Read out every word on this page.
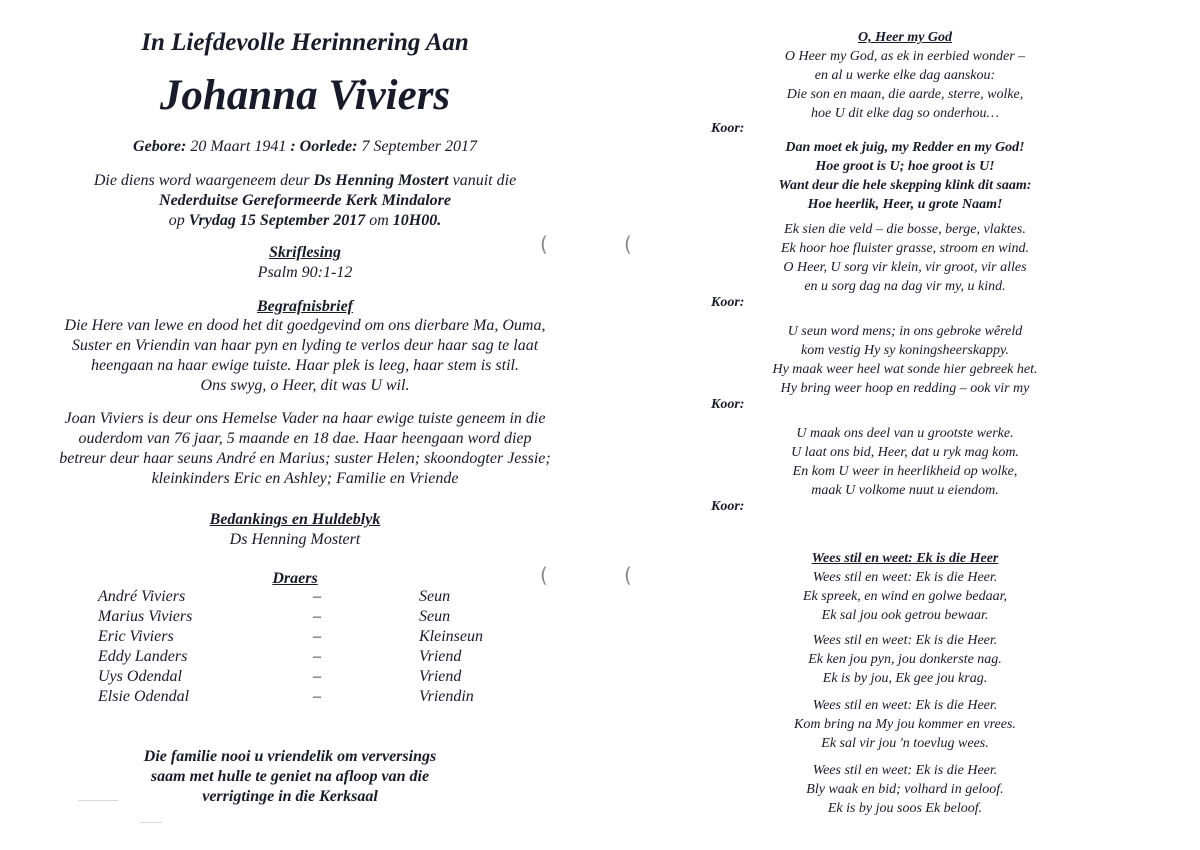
In Liefdevolle Herinnering Aan
Johanna Viviers
Gebore: 20 Maart 1941 : Oorlede: 7 September 2017
Die diens word waargeneem deur Ds Henning Mostert vanuit die
Nederduitse Gereformeerde Kerk Mindalore
op Vrydag 15 September 2017 om 10H00.
Skriflesing
Psalm 90:1-12
Begrafnisbrief
Die Here van lewe en dood het dit goedgevind om ons dierbare Ma, Ouma,
Suster en Vriendin van haar pyn en lyding te verlos deur haar sag te laat
heengaan na haar ewige tuiste. Haar plek is leeg, haar stem is stil.
Ons swyg, o Heer, dit was U wil.
Joan Viviers is deur ons Hemelse Vader na haar ewige tuiste geneem in die
ouderdom van 76 jaar, 5 maande en 18 dae. Haar heengaan word diep
betreur deur haar seuns André en Marius; suster Helen; skoondogter Jessie;
kleinkinders Eric en Ashley; Familie en Vriende
Bedankings en Huldeblyk
Ds Henning Mostert
Draers
André Viviers	–	Seun
Marius Viviers	–	Seun
Eric Viviers	–	Kleinseun
Eddy Landers	–	Vriend
Uys Odendal	–	Vriend
Elsie Odendal	–	Vriendin
Die familie nooi u vriendelik om verversings
saam met hulle te geniet na afloop van die
verrigtinge in die Kerksaal
(	(
(	(
O, Heer my God
O Heer my God, as ek in eerbied wonder –
en al u werke elke dag aanskou:
Die son en maan, die aarde, sterre, wolke,
hoe U dit elke dag so onderhou…
Koor:
Dan moet ek juig, my Redder en my God!
Hoe groot is U; hoe groot is U!
Want deur die hele skepping klink dit saam:
Hoe heerlik, Heer, u grote Naam!
Ek sien die veld – die bosse, berge, vlaktes.
Ek hoor hoe fluister grasse, stroom en wind.
O Heer, U sorg vir klein, vir groot, vir alles
en u sorg dag na dag vir my, u kind.
Koor:
U seun word mens; in ons gebroke wêreld
kom vestig Hy sy koningsheerskappy.
Hy maak weer heel wat sonde hier gebreek het.
Hy bring weer hoop en redding – ook vir my
Koor:
U maak ons deel van u grootste werke.
U laat ons bid, Heer, dat u ryk mag kom.
En kom U weer in heerlikheid op wolke,
maak U volkome nuut u eiendom.
Koor:
Wees stil en weet: Ek is die Heer
Wees stil en weet: Ek is die Heer.
Ek spreek, en wind en golwe bedaar,
Ek sal jou ook getrou bewaar.
Wees stil en weet: Ek is die Heer.
Ek ken jou pyn, jou donkerste nag.
Ek is by jou, Ek gee jou krag.
Wees stil en weet: Ek is die Heer.
Kom bring na My jou kommer en vrees.
Ek sal vir jou 'n toevlug wees.
Wees stil en weet: Ek is die Heer.
Bly waak en bid; volhard in geloof.
Ek is by jou soos Ek beloof.
